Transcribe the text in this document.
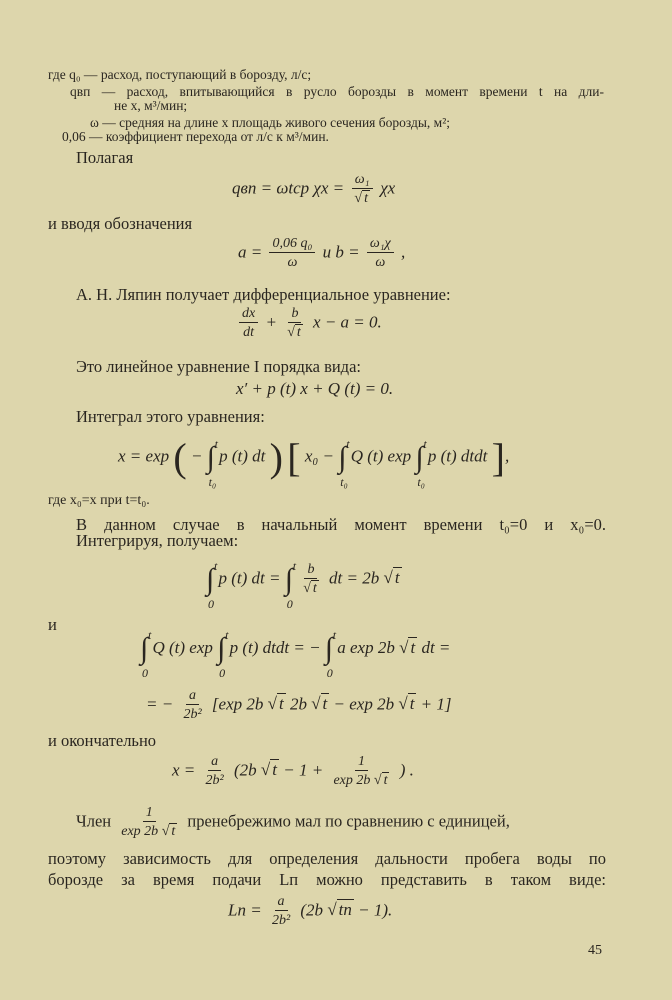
где q₀ — расход, поступающий в борозду, л/с;
qвп — расход, впитывающийся в русло борозды в момент времени t на дли-
не x, м³/мин;
ω — средняя на длине x площадь живого сечения борозды, м²;
0,06 — коэффициент перехода от л/с к м³/мин.
Полагая
qвп = ωtср $\chi x = \frac{\text{ω₁}}{√ t}$ χx
и вводя обозначения
$a = \frac{\text{0,06 q₀}}{\omega}$ и $b = \frac{\text{ω₁χ}}{\omega}$ ,
А. Н. Ляпин получает дифференциальное уравнение:
$\frac{dx}{dt} + \frac{b}{√ t}$ x − a = 0.
Это линейное уравнение I порядка вида:
x′ + p (t) x + Q (t) = 0.
Интеграл этого уравнения:
x = exp ( − ∫ t
t₀
p (t) dt ) [ x₀ − ∫ t
t₀
Q (t) exp ∫ t
t₀
p (t) dtdt ],
где x₀=x при t=t₀.
В данном случае в начальный момент времени t₀=0 и x₀=0.
Интегрируя, получаем:
∫ t
0
p (t) dt = ∫ t
0

$\frac{b}{√ t}$ dt = 2b √ t
и
∫ t
0
Q (t) exp ∫ t
0
p (t) dtdt = − ∫ t
0
a exp 2b √ t dt =
= − $\frac{a}{\text{2b²}} [\exp$ 2b √ t 2b √ t − exp 2b √ t + 1]
и окончательно
$x = \frac{a}{\text{2b²}} (2b$ √ $t - 1 + \frac{1}{\exp 2b √ t}$ ) .
Член $\frac{1}{\exp 2b √ t}$ пренебрежимо мал по сравнению с единицей,
поэтому зависимость для определения дальности пробега воды по
борозде за время подачи Lп можно представить в таком виде:
Lп = $\frac{a}{\text{2b²}} (2b$ √ tп − 1).
45
